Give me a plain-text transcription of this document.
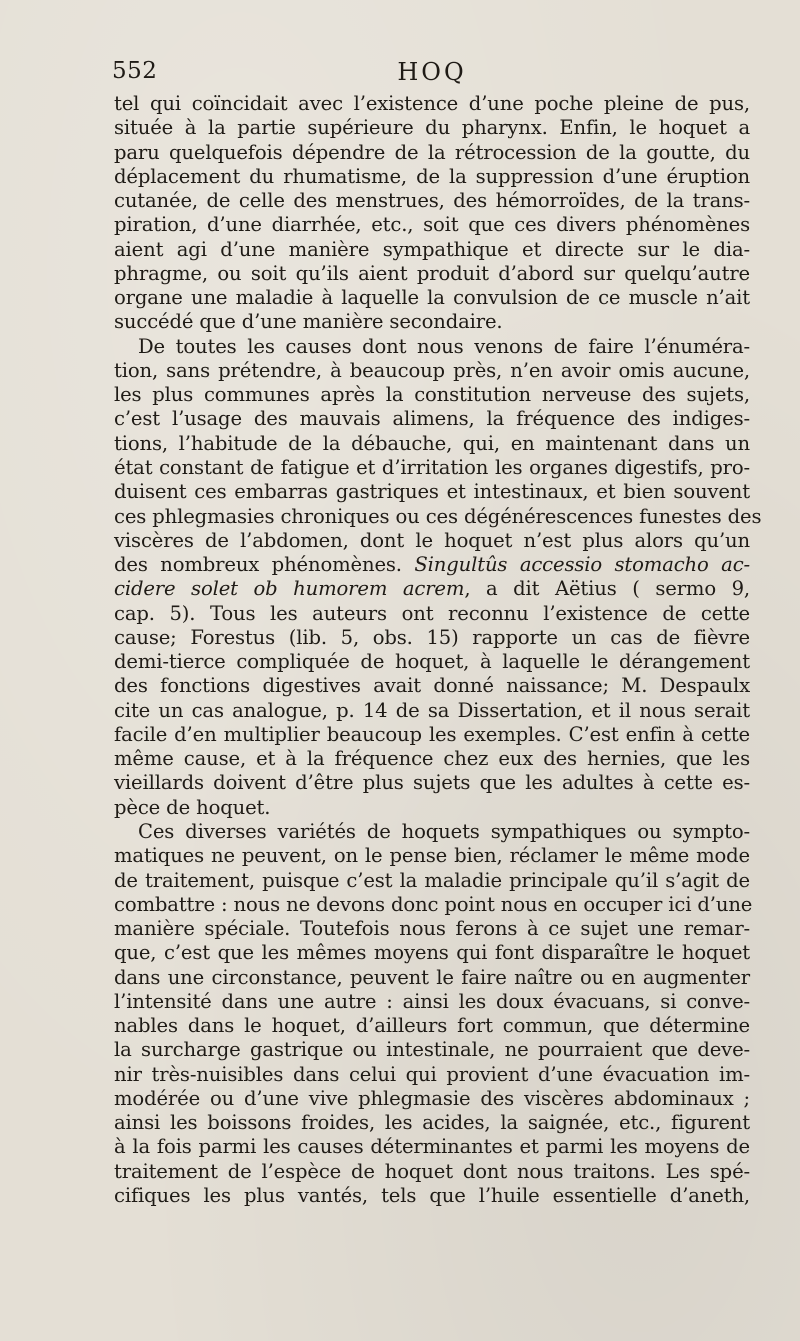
552	HOQ
tel qui coïncidait avec l’existence d’une poche pleine de pus,
située à la partie supérieure du pharynx. Enfin, le hoquet a
paru quelquefois dépendre de la rétrocession de la goutte, du
déplacement du rhumatisme, de la suppression d’une éruption
cutanée, de celle des menstrues, des hémorroïdes, de la trans-
piration, d’une diarrhée, etc., soit que ces divers phénomènes
aient agi d’une manière sympathique et directe sur le dia-
phragme, ou soit qu’ils aient produit d’abord sur quelqu’autre
organe une maladie à laquelle la convulsion de ce muscle n’ait
succédé que d’une manière secondaire.
De toutes les causes dont nous venons de faire l’énuméra-
tion, sans prétendre, à beaucoup près, n’en avoir omis aucune,
les plus communes après la constitution nerveuse des sujets,
c’est l’usage des mauvais alimens, la fréquence des indiges-
tions, l’habitude de la débauche, qui, en maintenant dans un
état constant de fatigue et d’irritation les organes digestifs, pro-
duisent ces embarras gastriques et intestinaux, et bien souvent
ces phlegmasies chroniques ou ces dégénérescences funestes des
viscères de l’abdomen, dont le hoquet n’est plus alors qu’un
des nombreux phénomènes. Singultûs accessio stomacho ac-
cidere solet ob humorem acrem, a dit Aëtius ( sermo 9,
cap. 5). Tous les auteurs ont reconnu l’existence de cette
cause; Forestus (lib. 5, obs. 15) rapporte un cas de fièvre
demi-tierce compliquée de hoquet, à laquelle le dérangement
des fonctions digestives avait donné naissance; M. Despaulx
cite un cas analogue, p. 14 de sa Dissertation, et il nous serait
facile d’en multiplier beaucoup les exemples. C’est enfin à cette
même cause, et à la fréquence chez eux des hernies, que les
vieillards doivent d’être plus sujets que les adultes à cette es-
pèce de hoquet.
Ces diverses variétés de hoquets sympathiques ou sympto-
matiques ne peuvent, on le pense bien, réclamer le même mode
de traitement, puisque c’est la maladie principale qu’il s’agit de
combattre : nous ne devons donc point nous en occuper ici d’une
manière spéciale. Toutefois nous ferons à ce sujet une remar-
que, c’est que les mêmes moyens qui font disparaître le hoquet
dans une circonstance, peuvent le faire naître ou en augmenter
l’intensité dans une autre : ainsi les doux évacuans, si conve-
nables dans le hoquet, d’ailleurs fort commun, que détermine
la surcharge gastrique ou intestinale, ne pourraient que deve-
nir très-nuisibles dans celui qui provient d’une évacuation im-
modérée ou d’une vive phlegmasie des viscères abdominaux ;
ainsi les boissons froides, les acides, la saignée, etc., figurent
à la fois parmi les causes déterminantes et parmi les moyens de
traitement de l’espèce de hoquet dont nous traitons. Les spé-
cifiques les plus vantés, tels que l’huile essentielle d’aneth,
